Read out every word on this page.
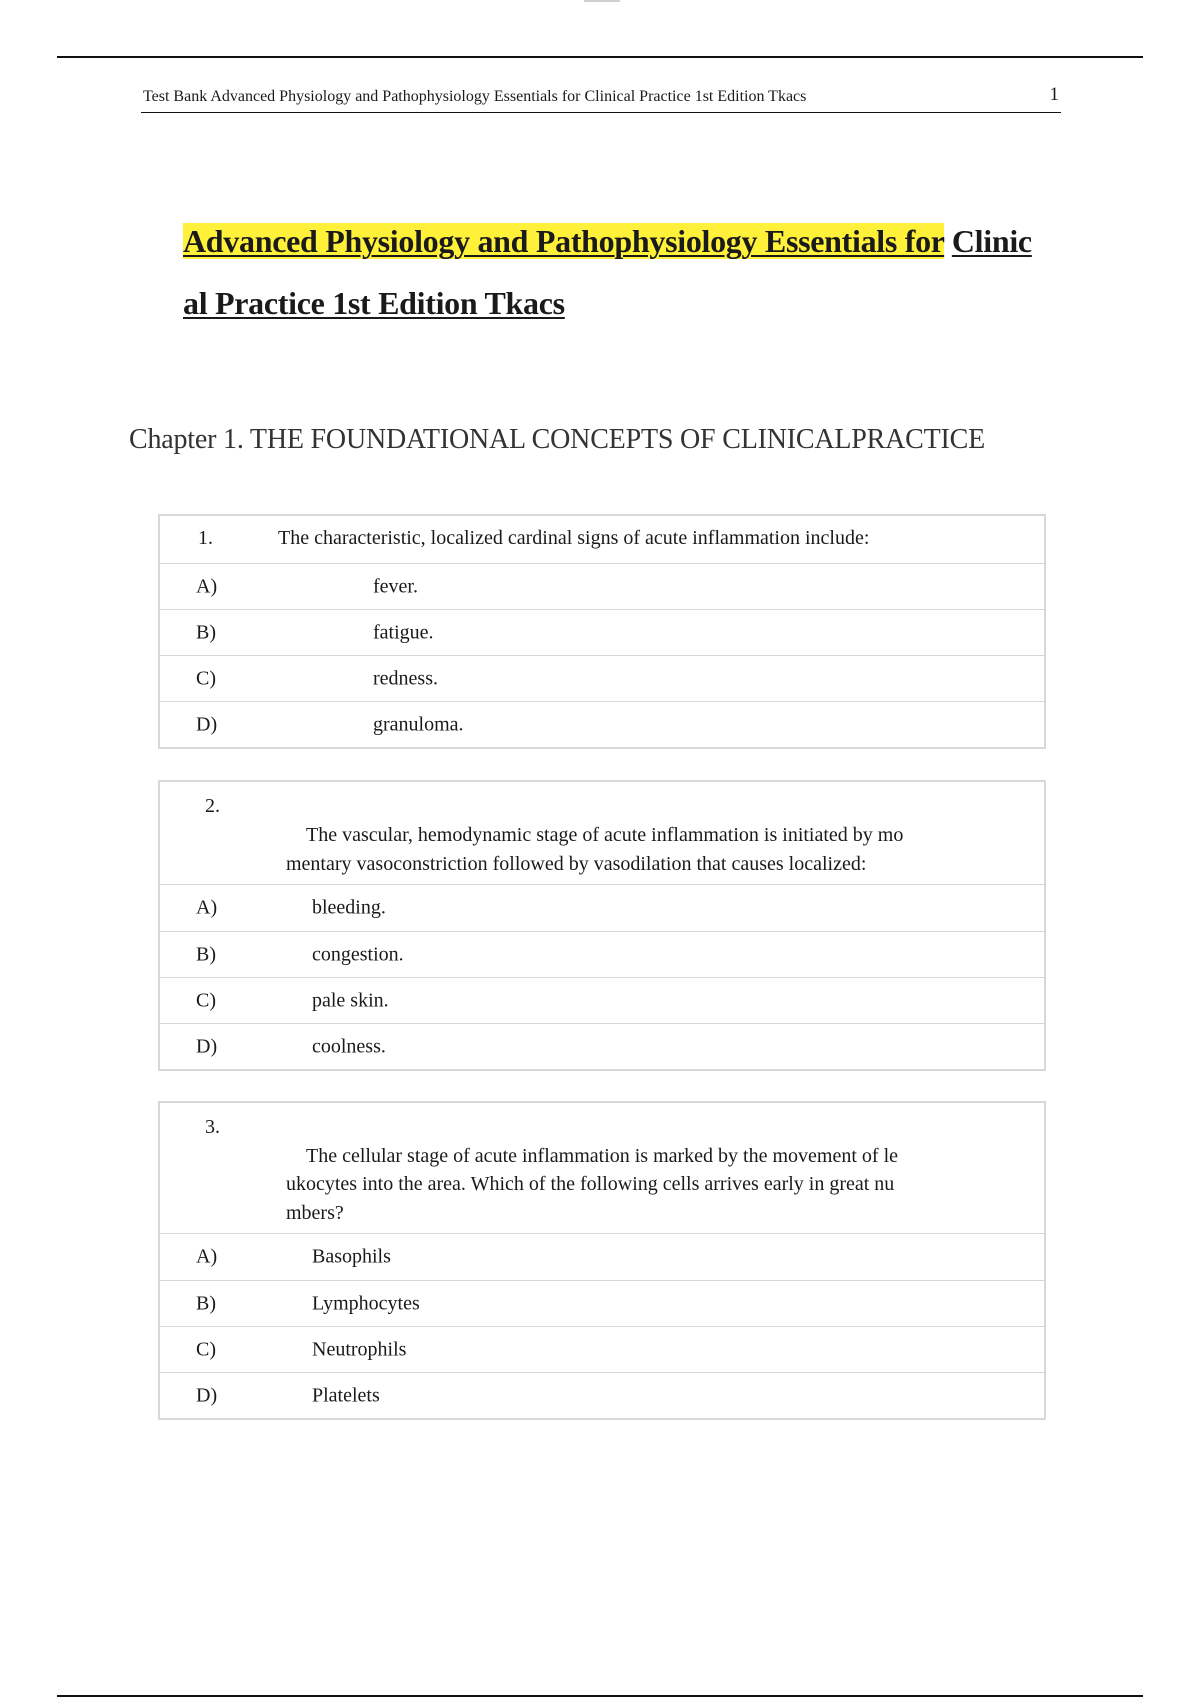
Test Bank Advanced Physiology and Pathophysiology Essentials for Clinical Practice 1st Edition Tkacs	1
Advanced Physiology and Pathophysiology Essentials for Clinic
al Practice 1st Edition Tkacs
Chapter 1. THE FOUNDATIONAL CONCEPTS OF CLINICALPRACTICE
1.	The characteristic, localized cardinal signs of acute inflammation include:
A)	fever.
B)	fatigue.
C)	redness.
D)	granuloma.
2.
The vascular, hemodynamic stage of acute inflammation is initiated by mo
mentary vasoconstriction followed by vasodilation that causes localized:
A)	bleeding.
B)	congestion.
C)	pale skin.
D)	coolness.
3.
The cellular stage of acute inflammation is marked by the movement of le
ukocytes into the area. Which of the following cells arrives early in great nu
mbers?
A)	Basophils
B)	Lymphocytes
C)	Neutrophils
D)	Platelets
